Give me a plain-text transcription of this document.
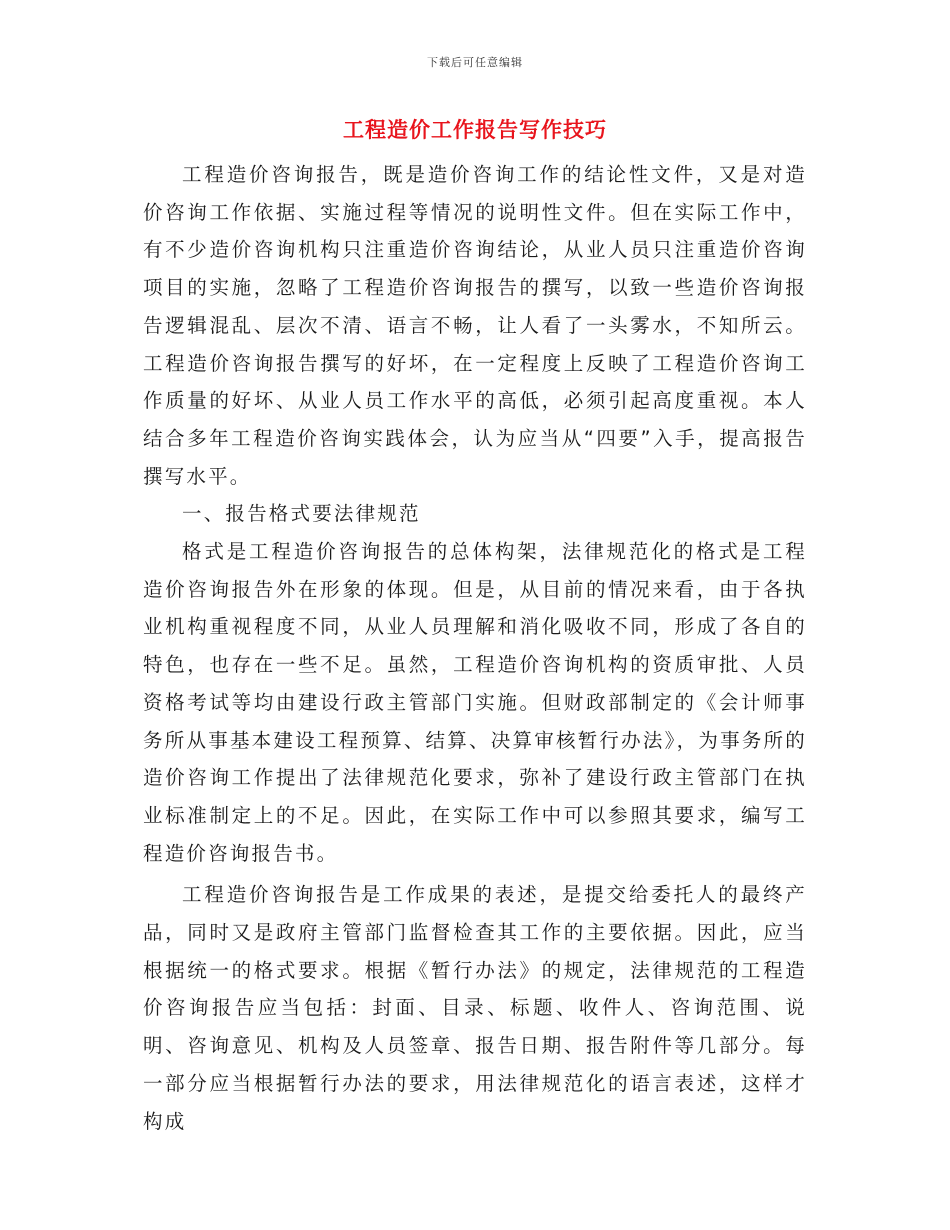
下载后可任意编辑
工程造价工作报告写作技巧

工程造价咨询报告，既是造价咨询工作的结论性文件，又是对造价咨询工作依据、实施过程等情况的说明性文件。但在实际工作中，有不少造价咨询机构只注重造价咨询结论，从业人员只注重造价咨询项目的实施，忽略了工程造价咨询报告的撰写，以致一些造价咨询报告逻辑混乱、层次不清、语言不畅，让人看了一头雾水，不知所云。工程造价咨询报告撰写的好坏，在一定程度上反映了工程造价咨询工作质量的好坏、从业人员工作水平的高低，必须引起高度重视。本人结合多年工程造价咨询实践体会，认为应当从“四要”入手，提高报告撰写水平。

一、报告格式要法律规范

格式是工程造价咨询报告的总体构架，法律规范化的格式是工程造价咨询报告外在形象的体现。但是，从目前的情况来看，由于各执业机构重视程度不同，从业人员理解和消化吸收不同，形成了各自的特色，也存在一些不足。虽然，工程造价咨询机构的资质审批、人员资格考试等均由建设行政主管部门实施。但财政部制定的《会计师事务所从事基本建设工程预算、结算、决算审核暂行办法》，为事务所的造价咨询工作提出了法律规范化要求，弥补了建设行政主管部门在执业标准制定上的不足。因此，在实际工作中可以参照其要求，编写工程造价咨询报告书。

工程造价咨询报告是工作成果的表述，是提交给委托人的最终产品，同时又是政府主管部门监督检查其工作的主要依据。因此，应当根据统一的格式要求。根据《暂行办法》的规定，法律规范的工程造价咨询报告应当包括：封面、目录、标题、收件人、咨询范围、说明、咨询意见、机构及人员签章、报告日期、报告附件等几部分。每一部分应当根据暂行办法的要求，用法律规范化的语言表述，这样才构成
